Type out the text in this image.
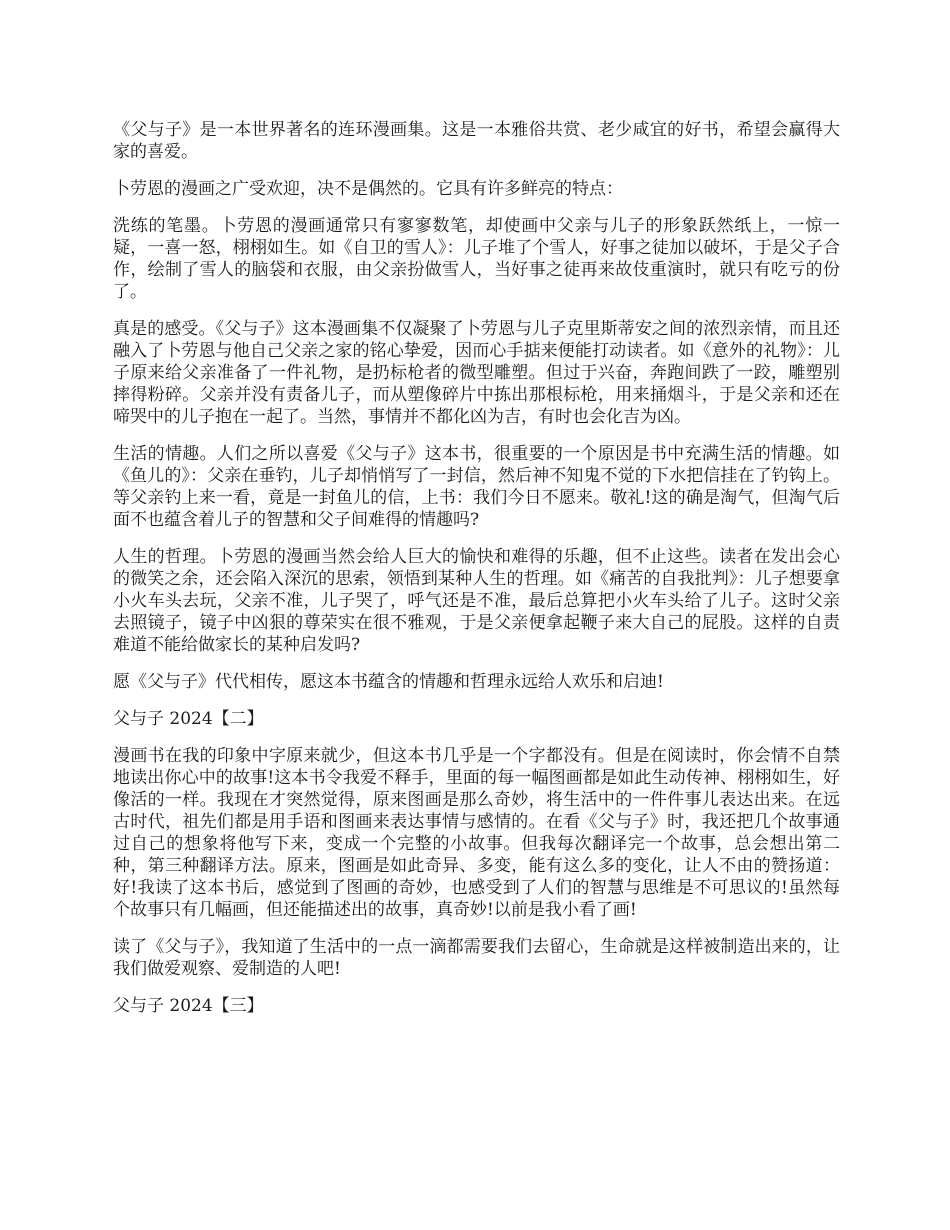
《父与子》是一本世界著名的连环漫画集。这是一本雅俗共赏、老少咸宜的好书，希望会赢得大家的喜爱。

卜劳恩的漫画之广受欢迎，决不是偶然的。它具有许多鲜亮的特点：

洗练的笔墨。卜劳恩的漫画通常只有寥寥数笔，却使画中父亲与儿子的形象跃然纸上，一惊一疑，一喜一怒，栩栩如生。如《自卫的雪人》：儿子堆了个雪人，好事之徒加以破坏，于是父子合作，绘制了雪人的脑袋和衣服，由父亲扮做雪人，当好事之徒再来故伎重演时，就只有吃亏的份了。

真是的感受。《父与子》这本漫画集不仅凝聚了卜劳恩与儿子克里斯蒂安之间的浓烈亲情，而且还融入了卜劳恩与他自己父亲之家的铭心挚爱，因而心手掂来便能打动读者。如《意外的礼物》：儿子原来给父亲准备了一件礼物，是扔标枪者的微型雕塑。但过于兴奋，奔跑间跌了一跤，雕塑别摔得粉碎。父亲并没有责备儿子，而从塑像碎片中拣出那根标枪，用来捅烟斗，于是父亲和还在啼哭中的儿子抱在一起了。当然，事情并不都化凶为吉，有时也会化吉为凶。

生活的情趣。人们之所以喜爱《父与子》这本书，很重要的一个原因是书中充满生活的情趣。如《鱼儿的》：父亲在垂钓，儿子却悄悄写了一封信，然后神不知鬼不觉的下水把信挂在了钓钩上。等父亲钓上来一看，竟是一封鱼儿的信，上书：我们今日不愿来。敬礼!这的确是淘气，但淘气后面不也蕴含着儿子的智慧和父子间难得的情趣吗?

人生的哲理。卜劳恩的漫画当然会给人巨大的愉快和难得的乐趣，但不止这些。读者在发出会心的微笑之余，还会陷入深沉的思索，领悟到某种人生的哲理。如《痛苦的自我批判》：儿子想要拿小火车头去玩，父亲不准，儿子哭了，呼气还是不准，最后总算把小火车头给了儿子。这时父亲去照镜子，镜子中凶狠的尊荣实在很不雅观，于是父亲便拿起鞭子来大自己的屁股。这样的自责难道不能给做家长的某种启发吗?

愿《父与子》代代相传，愿这本书蕴含的情趣和哲理永远给人欢乐和启迪!

父与子 2024【二】

漫画书在我的印象中字原来就少，但这本书几乎是一个字都没有。但是在阅读时，你会情不自禁地读出你心中的故事!这本书令我爱不释手，里面的每一幅图画都是如此生动传神、栩栩如生，好像活的一样。我现在才突然觉得，原来图画是那么奇妙，将生活中的一件件事儿表达出来。在远古时代，祖先们都是用手语和图画来表达事情与感情的。在看《父与子》时，我还把几个故事通过自己的想象将他写下来，变成一个完整的小故事。但我每次翻译完一个故事，总会想出第二种，第三种翻译方法。原来，图画是如此奇异、多变，能有这么多的变化，让人不由的赞扬道：好!我读了这本书后，感觉到了图画的奇妙，也感受到了人们的智慧与思维是不可思议的!虽然每个故事只有几幅画，但还能描述出的故事，真奇妙!以前是我小看了画!

读了《父与子》，我知道了生活中的一点一滴都需要我们去留心，生命就是这样被制造出来的，让我们做爱观察、爱制造的人吧!

父与子 2024【三】
